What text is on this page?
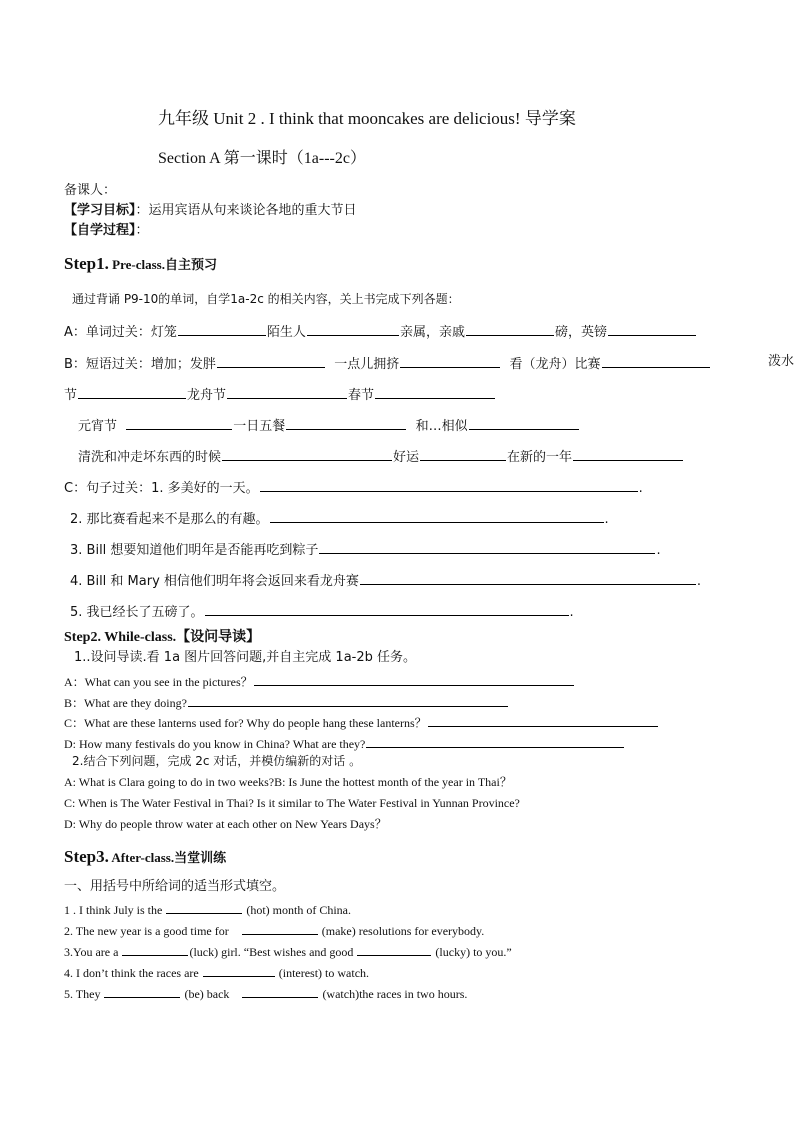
九年级 Unit 2 . I think that mooncakes are delicious! 导学案
Section A 第一课时（1a---2c）
备课人：
【学习目标】：运用宾语从句来谈论各地的重大节日
【自学过程】：
Step1. Pre-class.自主预习
通过背诵 P9-10的单词，自学1a-2c 的相关内容，关上书完成下列各题：
A：单词过关：灯笼	陌生人	亲属，亲戚	磅，英镑
B：短语过关：增加；发胖	一点儿拥挤	看（龙舟）比赛	泼水
节	龙舟节	春节
元宵节	一日五餐	和…相似
清洗和冲走坏东西的时候	好运	在新的一年
C：句子过关：1. 多美好的一天。	.
2. 那比赛看起来不是那么的有趣。	.
3. Bill 想要知道他们明年是否能再吃到粽子	.
4. Bill 和 Mary 相信他们明年将会返回来看龙舟赛	.
5. 我已经长了五磅了。	.
Step2. While-class.【设问导读】
1..设问导读.看 1a 图片回答问题,并自主完成 1a-2b 任务。
A：What can you see in the pictures？
B：What are they doing?
C：What are these lanterns used for? Why do people hang these lanterns？
D: How many festivals do you know in China? What are they?
2.结合下列问题，完成 2c 对话，并模仿编新的对话 。
A: What is Clara going to do in two weeks?B: Is June the hottest month of the year in Thai？
C: When is The Water Festival in Thai? Is it similar to The Water Festival in Yunnan Province?
D: Why do people throw water at each other on New Years Days？
Step3. After-class.当堂训练
一、用括号中所给词的适当形式填空。
1 . I think July is the	(hot) month of China.
2. The new year is a good time for	(make) resolutions for everybody.
3.You are a	(luck) girl. “Best wishes and good	(lucky) to you.”
4. I don’t think the races are	(interest) to watch.
5. They	(be) back	(watch)the races in two hours.
